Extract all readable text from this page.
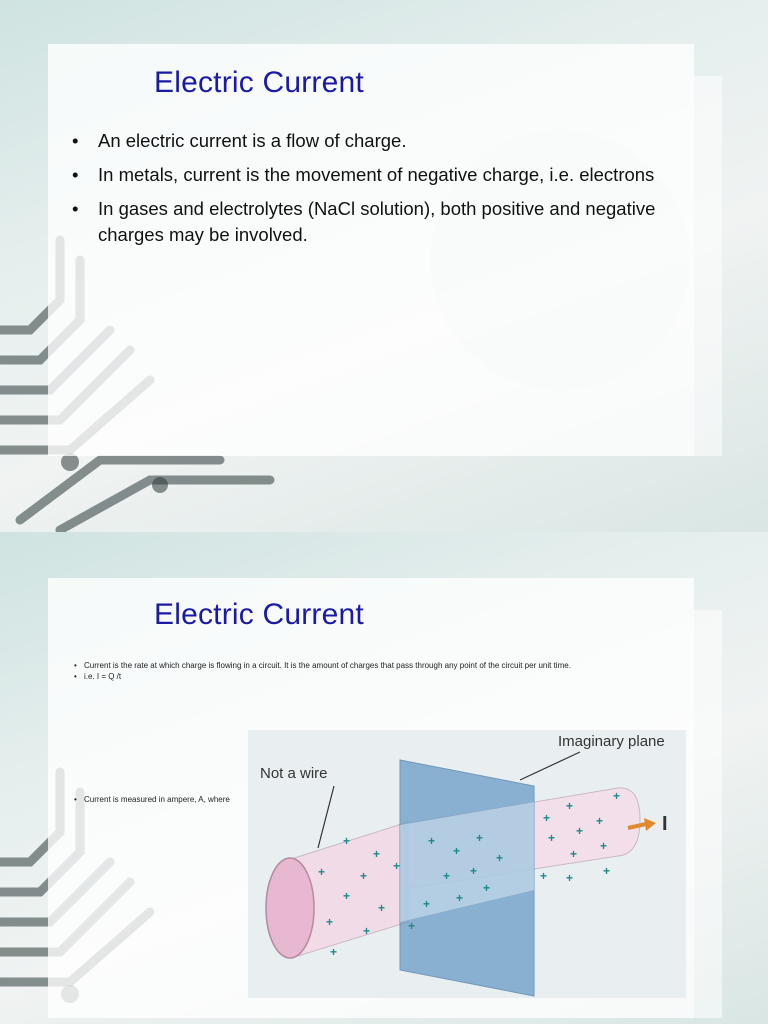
Electric Current
• An electric current is a flow of charge.
• In metals, current is the movement of negative charge, i.e. electrons
• In gases and electrolytes (NaCl solution), both positive and negative charges may be involved.
Electric Current
• Current is the rate at which charge is flowing in a circuit. It is the amount of charges that pass through any point of the circuit per unit time.
• i.e. I = Q /t
• Current is measured in ampere, A, where
+
+
+	+
+
+
+
+
+
+
+
+
+
+ +
+
+ +
+
+
+
+
+
+ +
+
+
+
+ + +
I
Imaginary plane
Not a wire
